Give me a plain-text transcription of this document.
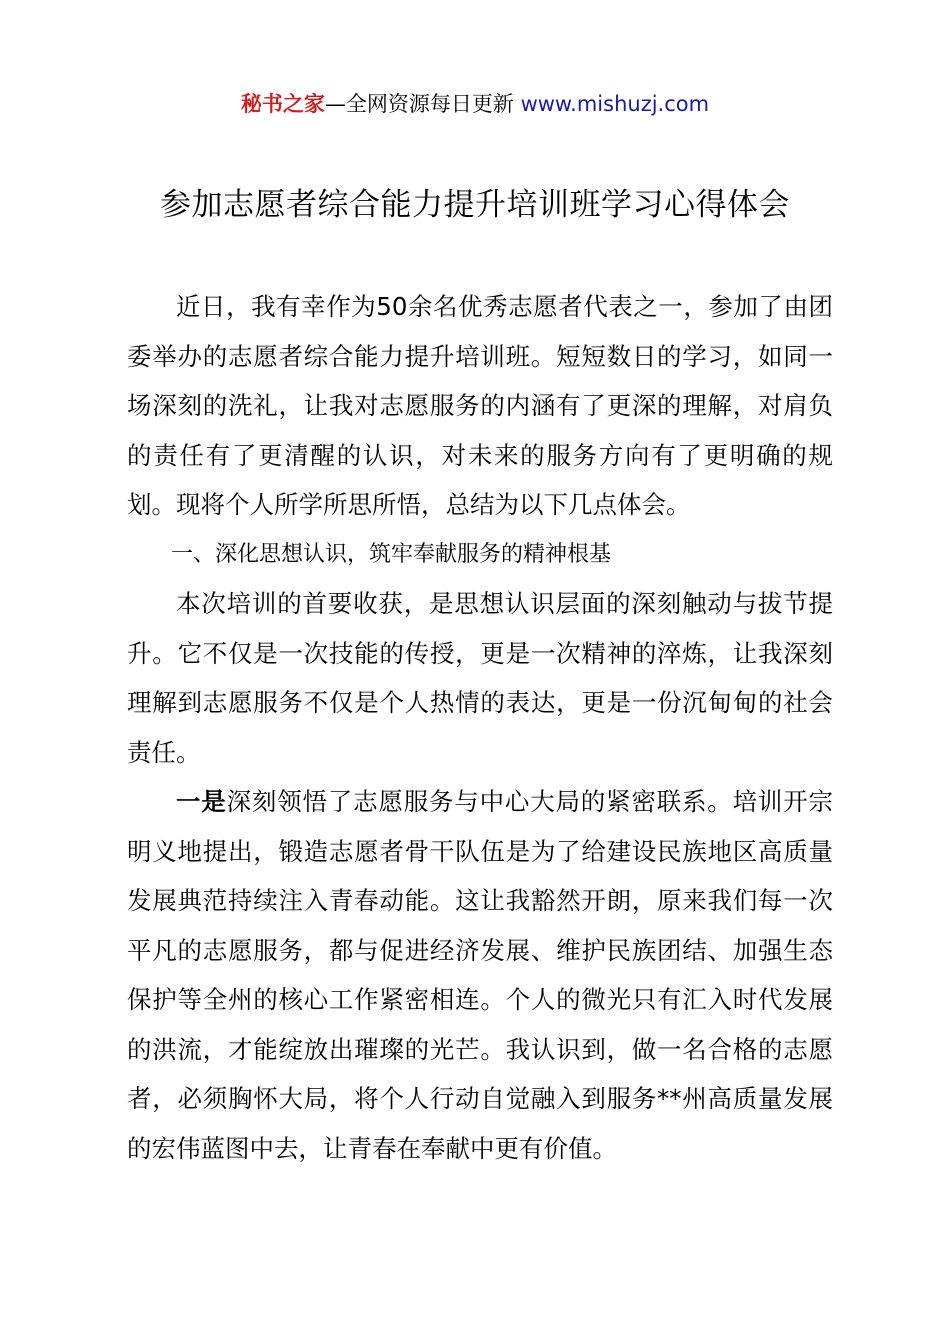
秘书之家—全网资源每日更新 www.mishuzj.com
参加志愿者综合能力提升培训班学习心得体会

近日，我有幸作为50余名优秀志愿者代表之一，参加了由团委举办的志愿者综合能力提升培训班。短短数日的学习，如同一场深刻的洗礼，让我对志愿服务的内涵有了更深的理解，对肩负的责任有了更清醒的认识，对未来的服务方向有了更明确的规划。现将个人所学所思所悟，总结为以下几点体会。

一、深化思想认识，筑牢奉献服务的精神根基

本次培训的首要收获，是思想认识层面的深刻触动与拔节提升。它不仅是一次技能的传授，更是一次精神的淬炼，让我深刻理解到志愿服务不仅是个人热情的表达，更是一份沉甸甸的社会责任。

一是深刻领悟了志愿服务与中心大局的紧密联系。培训开宗明义地提出，锻造志愿者骨干队伍是为了给建设民族地区高质量发展典范持续注入青春动能。这让我豁然开朗，原来我们每一次平凡的志愿服务，都与促进经济发展、维护民族团结、加强生态保护等全州的核心工作紧密相连。个人的微光只有汇入时代发展的洪流，才能绽放出璀璨的光芒。我认识到，做一名合格的志愿者，必须胸怀大局，将个人行动自觉融入到服务**州高质量发展的宏伟蓝图中去，让青春在奉献中更有价值。
